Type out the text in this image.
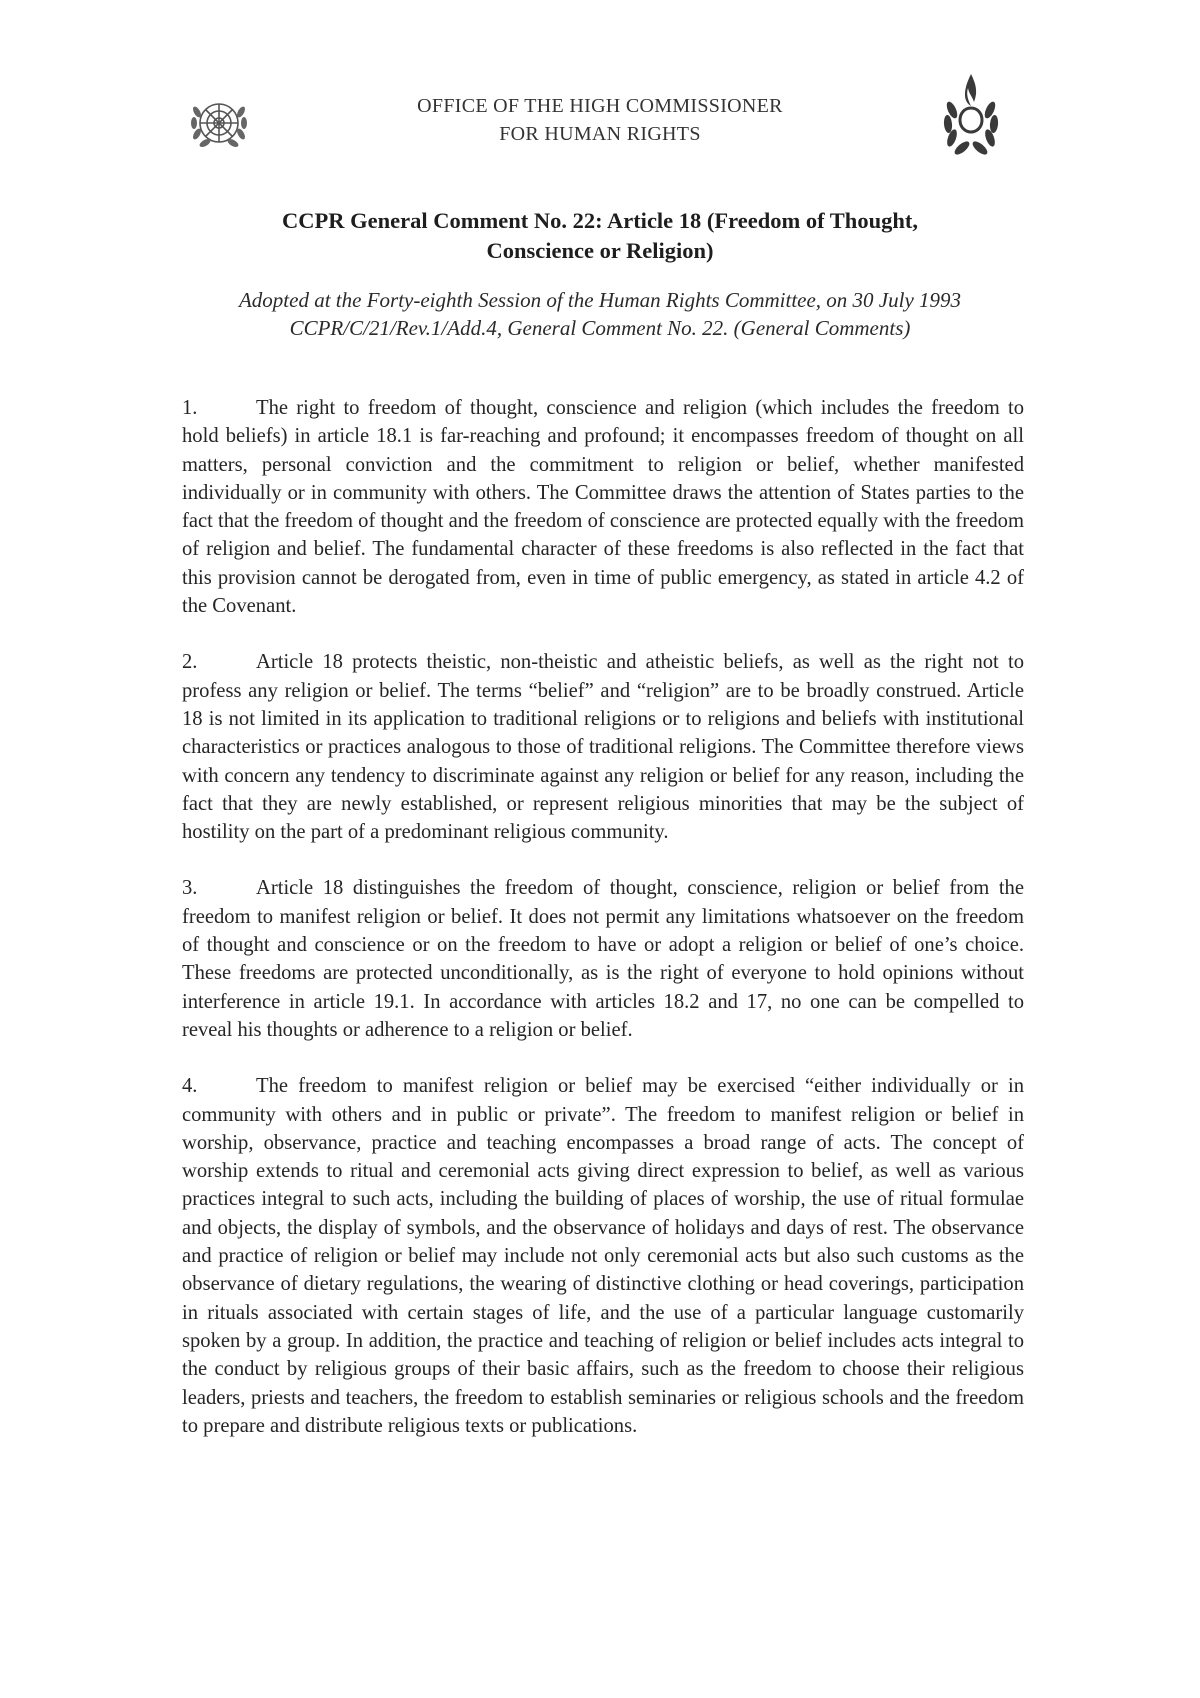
OFFICE OF THE HIGH COMMISSIONER
FOR HUMAN RIGHTS
CCPR General Comment No. 22: Article 18 (Freedom of Thought,
Conscience or Religion)
Adopted at the Forty-eighth Session of the Human Rights Committee, on 30 July 1993
CCPR/C/21/Rev.1/Add.4, General Comment No. 22. (General Comments)

1.	The right to freedom of thought, conscience and religion (which includes the freedom to hold beliefs) in article 18.1 is far-reaching and profound; it encompasses freedom of thought on all matters, personal conviction and the commitment to religion or belief, whether manifested individually or in community with others. The Committee draws the attention of States parties to the fact that the freedom of thought and the freedom of conscience are protected equally with the freedom of religion and belief. The fundamental character of these freedoms is also reflected in the fact that this provision cannot be derogated from, even in time of public emergency, as stated in article 4.2 of the Covenant.

2.	Article 18 protects theistic, non-theistic and atheistic beliefs, as well as the right not to profess any religion or belief. The terms “belief” and “religion” are to be broadly construed. Article 18 is not limited in its application to traditional religions or to religions and beliefs with institutional characteristics or practices analogous to those of traditional religions. The Committee therefore views with concern any tendency to discriminate against any religion or belief for any reason, including the fact that they are newly established, or represent religious minorities that may be the subject of hostility on the part of a predominant religious community.

3.	Article 18 distinguishes the freedom of thought, conscience, religion or belief from the freedom to manifest religion or belief. It does not permit any limitations whatsoever on the freedom of thought and conscience or on the freedom to have or adopt a religion or belief of one’s choice. These freedoms are protected unconditionally, as is the right of everyone to hold opinions without interference in article 19.1. In accordance with articles 18.2 and 17, no one can be compelled to reveal his thoughts or adherence to a religion or belief.

4.	The freedom to manifest religion or belief may be exercised “either individually or in community with others and in public or private”. The freedom to manifest religion or belief in worship, observance, practice and teaching encompasses a broad range of acts. The concept of worship extends to ritual and ceremonial acts giving direct expression to belief, as well as various practices integral to such acts, including the building of places of worship, the use of ritual formulae and objects, the display of symbols, and the observance of holidays and days of rest. The observance and practice of religion or belief may include not only ceremonial acts but also such customs as the observance of dietary regulations, the wearing of distinctive clothing or head coverings, participation in rituals associated with certain stages of life, and the use of a particular language customarily spoken by a group. In addition, the practice and teaching of religion or belief includes acts integral to the conduct by religious groups of their basic affairs, such as the freedom to choose their religious leaders, priests and teachers, the freedom to establish seminaries or religious schools and the freedom to prepare and distribute religious texts or publications.
